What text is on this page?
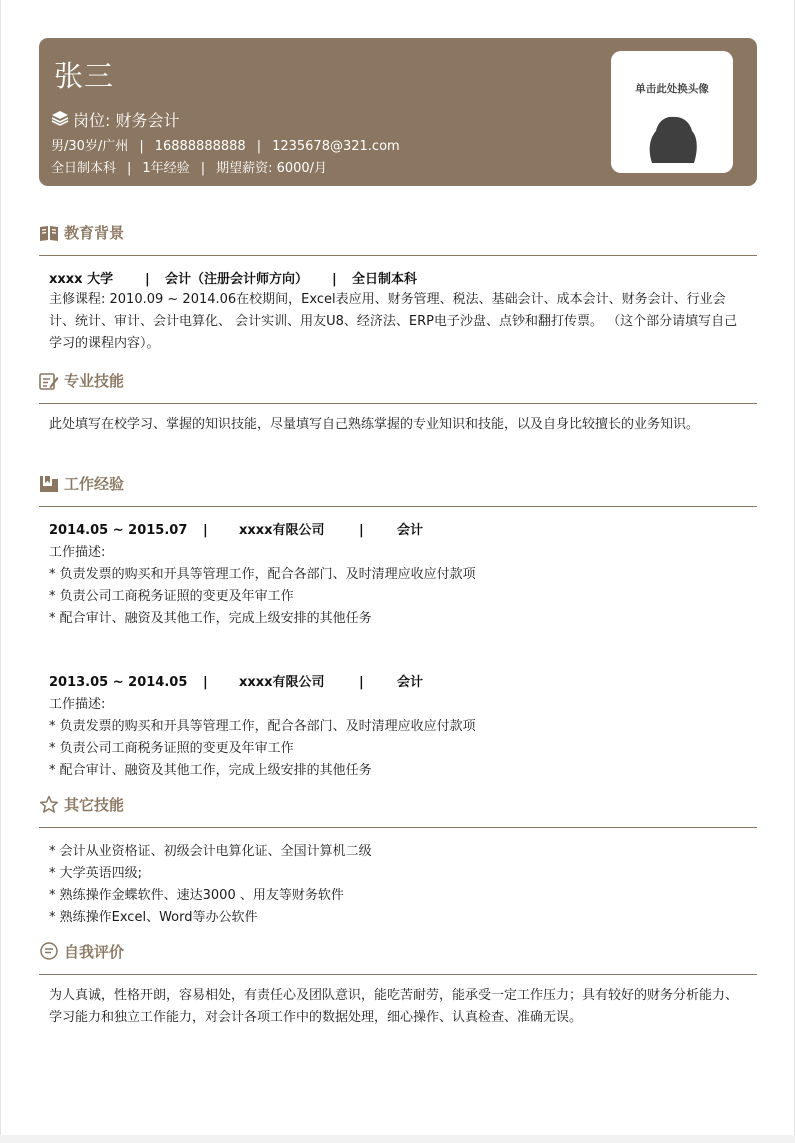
张三
岗位: 财务会计
男/30岁/广州 | 16888888888 | 1235678@321.com
全日制本科 | 1年经验 | 期望薪资: 6000/月
单击此处换头像
教育背景
xxxx 大学 | 会计（注册会计师方向） | 全日制本科
主修课程: 2010.09 ~ 2014.06在校期间，Excel表应用、财务管理、税法、基础会计、成本会计、财务会计、行业会计、统计、审计、会计电算化、 会计实训、用友U8、经济法、ERP电子沙盘、点钞和翻打传票。 （这个部分请填写自己学习的课程内容）。
专业技能
此处填写在校学习、掌握的知识技能，尽量填写自己熟练掌握的专业知识和技能，以及自身比较擅长的业务知识。
工作经验
2014.05 ~ 2015.07 | xxxx有限公司	|	会计
工作描述:
* 负责发票的购买和开具等管理工作，配合各部门、及时清理应收应付款项
* 负责公司工商税务证照的变更及年审工作
* 配合审计、融资及其他工作，完成上级安排的其他任务
2013.05 ~ 2014.05 | xxxx有限公司	|	会计
工作描述:
* 负责发票的购买和开具等管理工作，配合各部门、及时清理应收应付款项
* 负责公司工商税务证照的变更及年审工作
* 配合审计、融资及其他工作，完成上级安排的其他任务
其它技能
* 会计从业资格证、初级会计电算化证、全国计算机二级
* 大学英语四级;
* 熟练操作金蝶软件、速达3000 、用友等财务软件
* 熟练操作Excel、Word等办公软件
自我评价
为人真诚，性格开朗，容易相处，有责任心及团队意识，能吃苦耐劳，能承受一定工作压力；具有较好的财务分析能力、学习能力和独立工作能力，对会计各项工作中的数据处理，细心操作、认真检查、准确无误。
